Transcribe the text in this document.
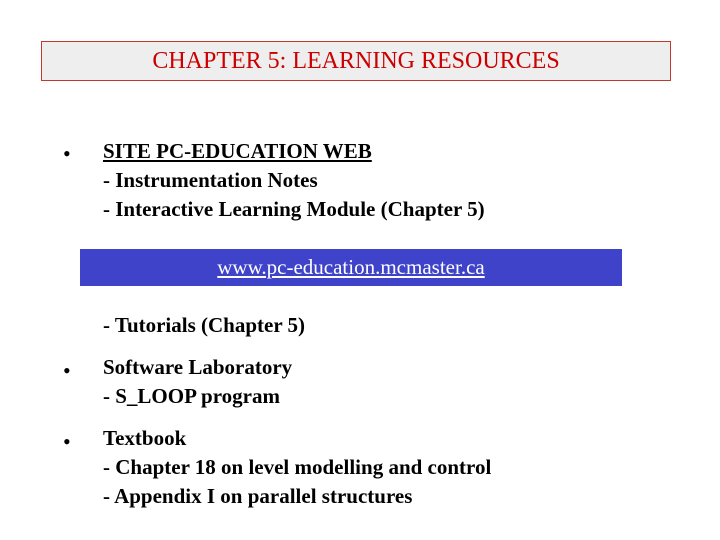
CHAPTER 5: LEARNING RESOURCES
• SITE PC-EDUCATION WEB
- Instrumentation Notes
- Interactive Learning Module (Chapter 5)
www.pc-education.mcmaster.ca
- Tutorials (Chapter 5)
• Software Laboratory
- S_LOOP program
• Textbook
- Chapter 18 on level modelling and control
- Appendix I on parallel structures
